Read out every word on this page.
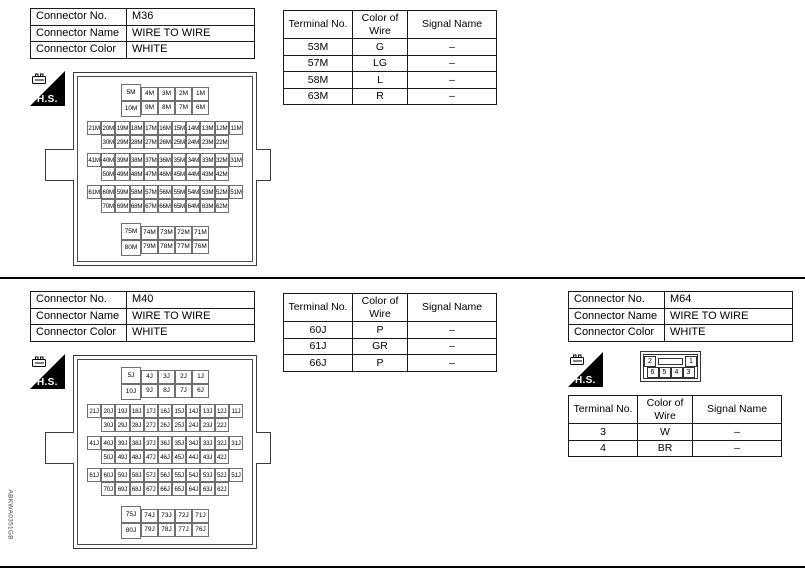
Connector No.	M36
Connector Name	WIRE TO WIRE
Connector Color	WHITE
Terminal No.	Color of Wire	Signal Name
53M	G	–
57M	LG	–
58M	L	–
63M	R	–
H.S.
5M
10M
4M	3M	2M	1M
9M	8M	7M	6M
21M 20M 19M 18M 17M 16M 15M 14M 13M 12M 11M
30M 29M 28M 27M 26M 25M 24M 23M 22M
41M 40M 39M 38M 37M 36M 35M 34M 33M 32M 31M
50M 49M 48M 47M 46M 45M 44M 43M 42M
61M 60M 59M 58M 57M 56M 55M 54M 53M 52M 51M
70M 69M 68M 67M 66M 65M 64M 63M 62M
75M
80M
74M 73M 72M 71M
79M 78M 77M 76M
Connector No.	M40
Connector Name	WIRE TO WIRE
Connector Color	WHITE
Terminal No.	Color of Wire	Signal Name
60J	P	–
61J	GR	–
66J	P	–
H.S.
5J
10J
4J	3J	2J	1J
9J	8J	7J	6J
21J 20J 19J 18J 17J 16J 15J 14J 13J 12J 11J
30J 29J 28J 27J 26J 25J 24J 23J 22J
41J 40J 39J 38J 37J 36J 35J 34J 33J 32J 31J
50J 49J 48J 47J 46J 45J 44J 43J 42J
61J 60J 59J 58J 57J 56J 55J 54J 53J 52J 51J
70J 69J 68J 67J 66J 65J 64J 63J 62J
75J
80J
74J	73J	72J	71J
79J	78J	77J	76J
Connector No.	M64
Connector Name	WIRE TO WIRE
Connector Color	WHITE
H.S.
2	1
6	5	4	3
Terminal No.	Color of Wire	Signal Name
3	W	–
4	BR	–
ABKWA0351GB
